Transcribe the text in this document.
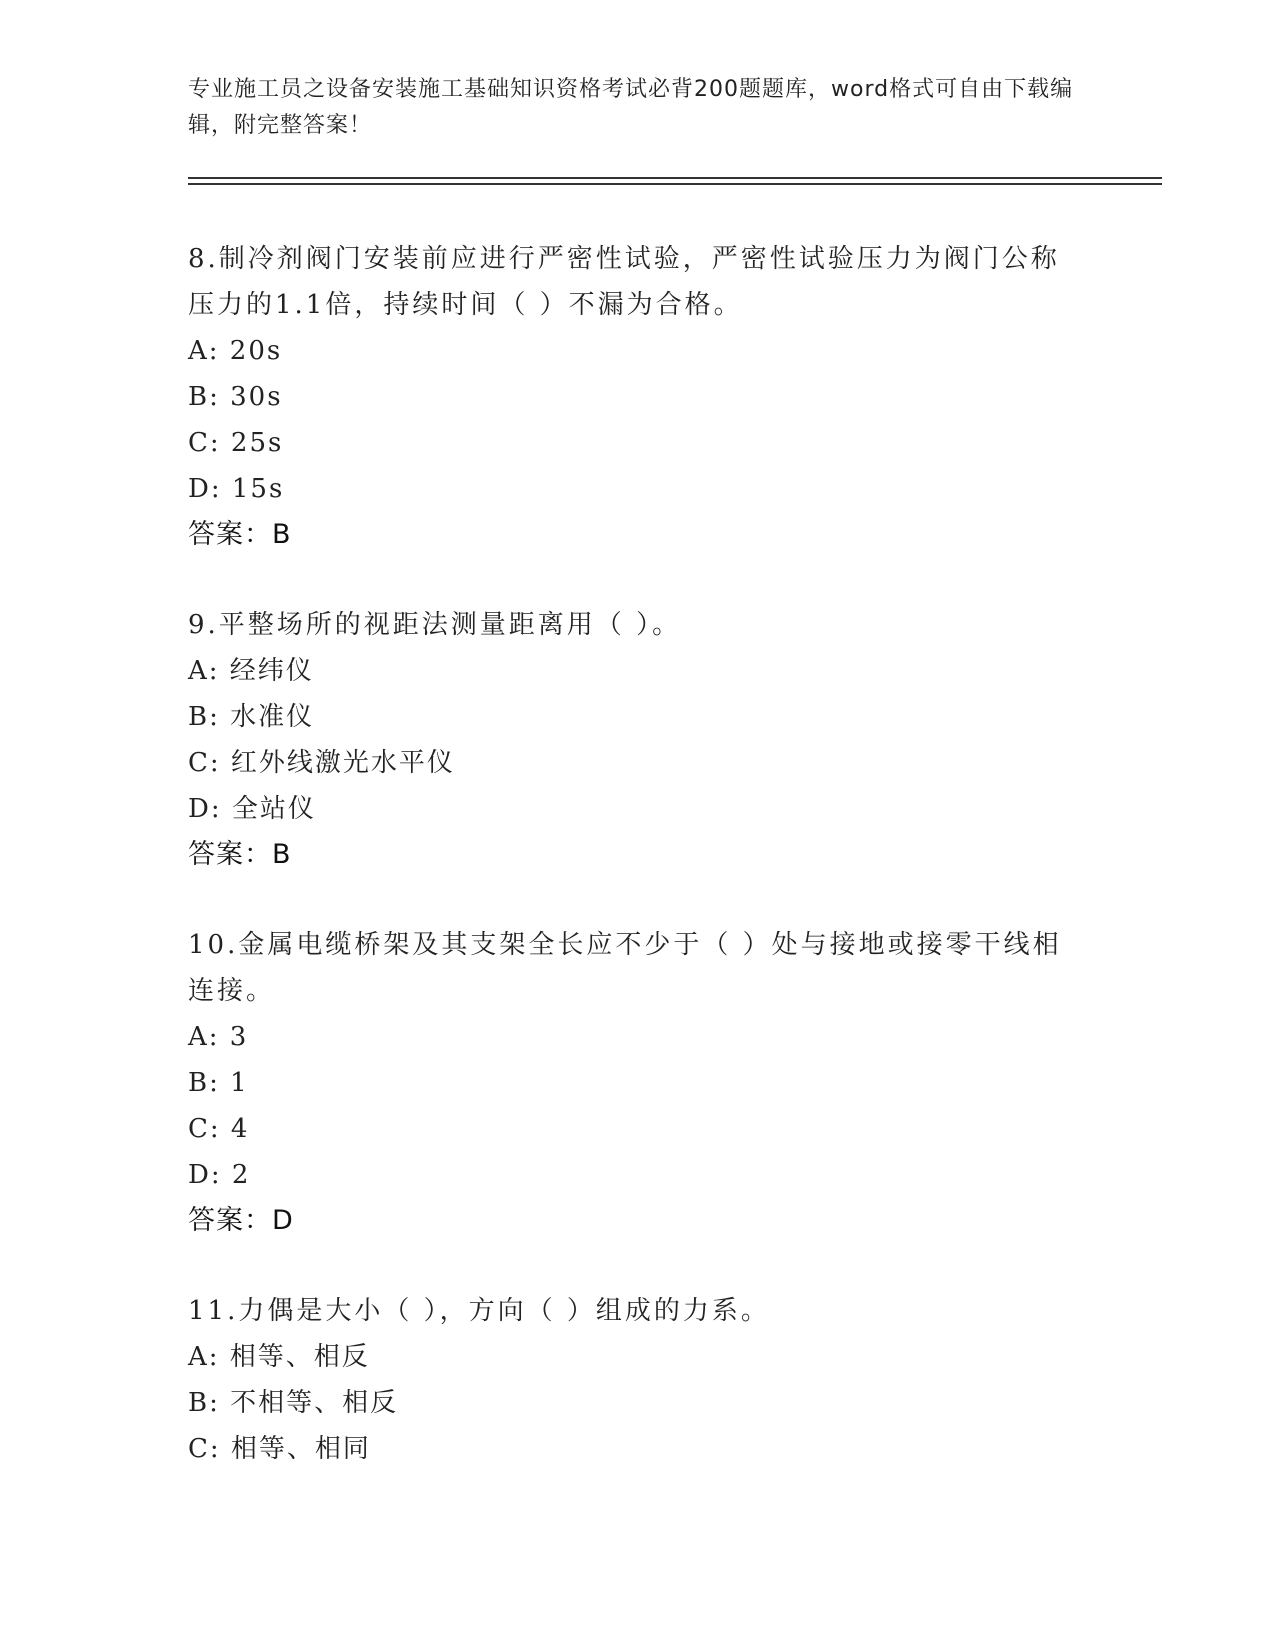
专业施工员之设备安装施工基础知识资格考试必背200题题库，word格式可自由下载编辑，附完整答案！
8.制冷剂阀门安装前应进行严密性试验，严密性试验压力为阀门公称压力的1.1倍，持续时间（ ）不漏为合格。
A: 20s
B: 30s
C: 25s
D: 15s
答案：B
9.平整场所的视距法测量距离用（ ）。
A: 经纬仪
B: 水准仪
C: 红外线激光水平仪
D: 全站仪
答案：B
10.金属电缆桥架及其支架全长应不少于（ ）处与接地或接零干线相连接。
A: 3
B: 1
C: 4
D: 2
答案：D
11.力偶是大小（ ），方向（ ）组成的力系。
A: 相等、相反
B: 不相等、相反
C: 相等、相同
